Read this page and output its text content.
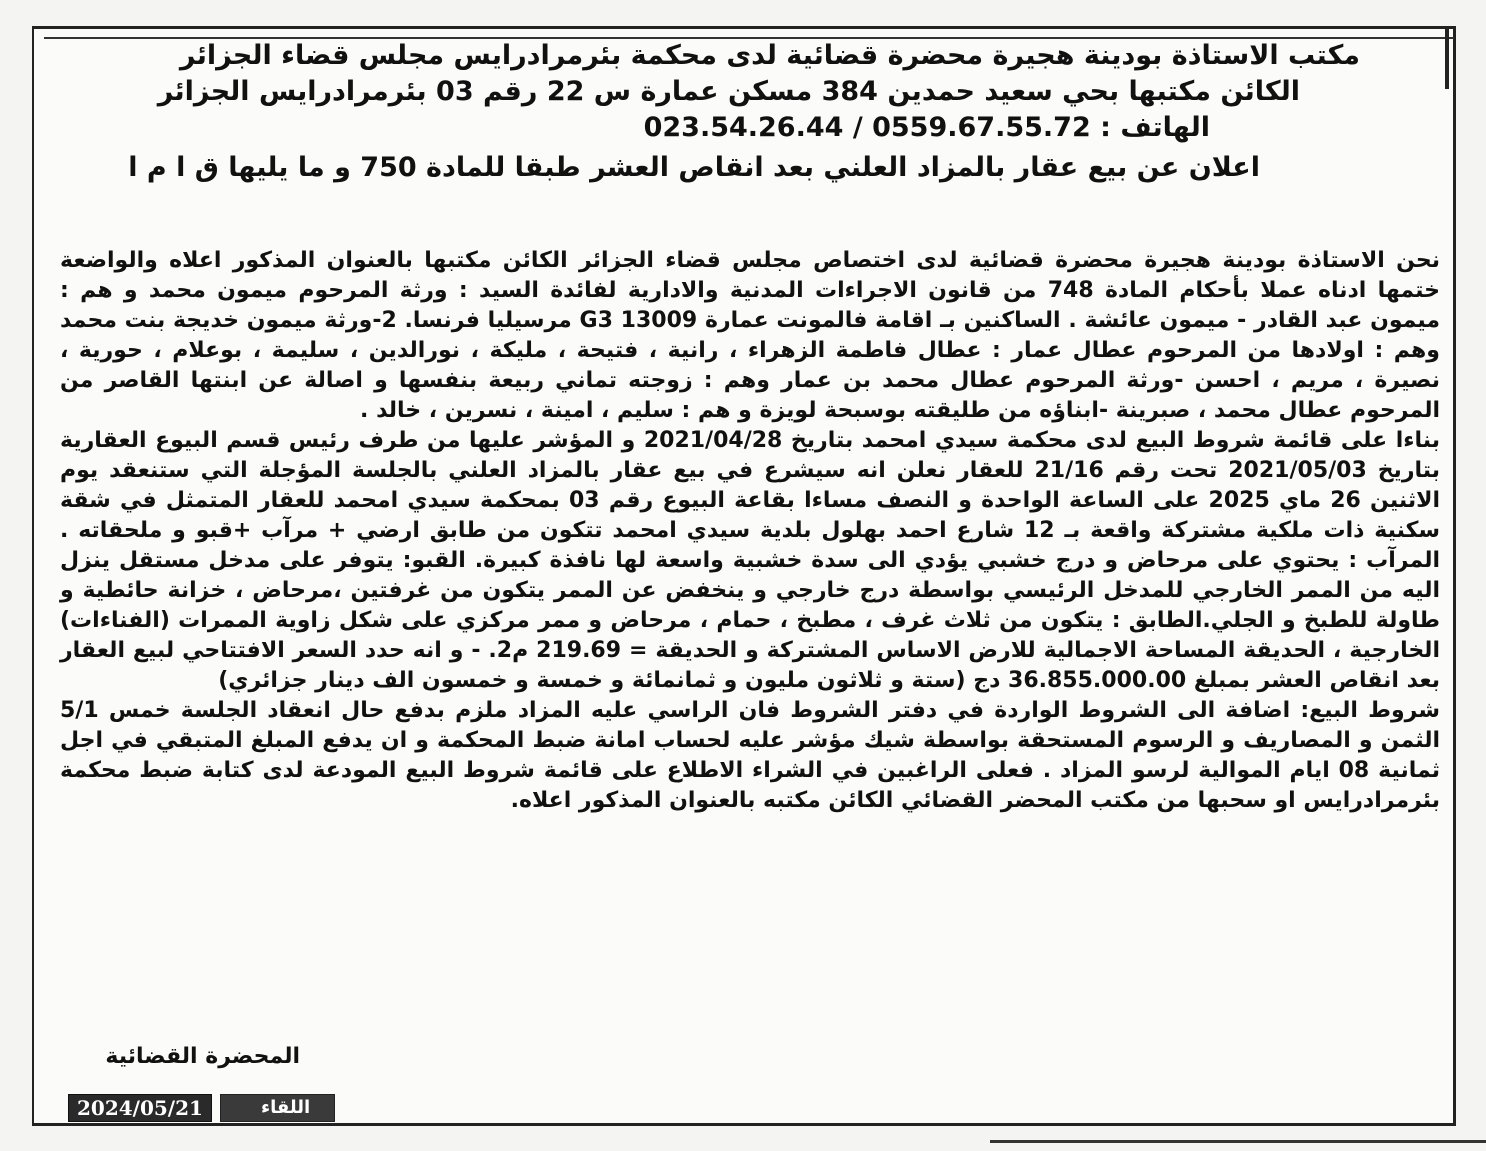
مكتب الاستاذة بودينة هجيرة محضرة قضائية لدى محكمة بئرمرادرايس مجلس قضاء الجزائر
الكائن مكتبها بحي سعيد حمدين 384 مسكن عمارة س 22 رقم 03 بئرمرادرايس الجزائر
الهاتف : 0559.67.55.72 / 023.54.26.44
اعلان عن بيع عقار بالمزاد العلني بعد انقاص العشر طبقا للمادة 750 و ما يليها ق ا م ا

نحن الاستاذة بودينة هجيرة محضرة قضائية لدى اختصاص مجلس قضاء الجزائر الكائن مكتبها بالعنوان المذكور اعلاه والواضعة ختمها ادناه عملا بأحكام المادة 748 من قانون الاجراءات المدنية والادارية لفائدة السيد : ورثة المرحوم ميمون محمد و هم : ميمون عبد القادر - ميمون عائشة . الساكنين بـ اقامة فالمونت عمارة G3 13009 مرسيليا فرنسا. 2-ورثة ميمون خديجة بنت محمد وهم : اولادها من المرحوم عطال عمار : عطال فاطمة الزهراء ، رانية ، فتيحة ، مليكة ، نورالدين ، سليمة ، بوعلام ، حورية ، نصيرة ، مريم ، احسن -ورثة المرحوم عطال محمد بن عمار وهم : زوجته تماني ربيعة بنفسها و اصالة عن ابنتها القاصر من المرحوم عطال محمد ، صبرينة -ابناؤه من طليقته بوسبحة لويزة و هم : سليم ، امينة ، نسرين ، خالد .

بناءا على قائمة شروط البيع لدى محكمة سيدي امحمد بتاريخ 2021/04/28 و المؤشر عليها من طرف رئيس قسم البيوع العقارية بتاريخ 2021/05/03 تحت رقم 21/16 للعقار نعلن انه سيشرع في بيع عقار بالمزاد العلني بالجلسة المؤجلة التي ستنعقد يوم الاثنين 26 ماي 2025 على الساعة الواحدة و النصف مساءا بقاعة البيوع رقم 03 بمحكمة سيدي امحمد للعقار المتمثل في شقة سكنية ذات ملكية مشتركة واقعة بـ 12 شارع احمد بهلول بلدية سيدي امحمد تتكون من طابق ارضي + مرآب +قبو و ملحقاته . المرآب : يحتوي على مرحاض و درج خشبي يؤدي الى سدة خشبية واسعة لها نافذة كبيرة. القبو: يتوفر على مدخل مستقل ينزل اليه من الممر الخارجي للمدخل الرئيسي بواسطة درج خارجي و ينخفض عن الممر يتكون من غرفتين ،مرحاض ، خزانة حائطية و طاولة للطبخ و الجلي.الطابق : يتكون من ثلاث غرف ، مطبخ ، حمام ، مرحاض و ممر مركزي على شكل زاوية الممرات (الفناءات) الخارجية ، الحديقة المساحة الاجمالية للارض الاساس المشتركة و الحديقة = 219.69 م2. - و انه حدد السعر الافتتاحي لبيع العقار بعد انقاص العشر بمبلغ 36.855.000.00 دج (ستة و ثلاثون مليون و ثمانمائة و خمسة و خمسون الف دينار جزائري)

شروط البيع: اضافة الى الشروط الواردة في دفتر الشروط فان الراسي عليه المزاد ملزم بدفع حال انعقاد الجلسة خمس 5/1 الثمن و المصاريف و الرسوم المستحقة بواسطة شيك مؤشر عليه لحساب امانة ضبط المحكمة و ان يدفع المبلغ المتبقي في اجل ثمانية 08 ايام الموالية لرسو المزاد . فعلى الراغبين في الشراء الاطلاع على قائمة شروط البيع المودعة لدى كتابة ضبط محكمة بئرمرادرايس او سحبها من مكتب المحضر القضائي الكائن مكتبه بالعنوان المذكور اعلاه.

المحضرة القضائية
2024/05/21	اللقاء
